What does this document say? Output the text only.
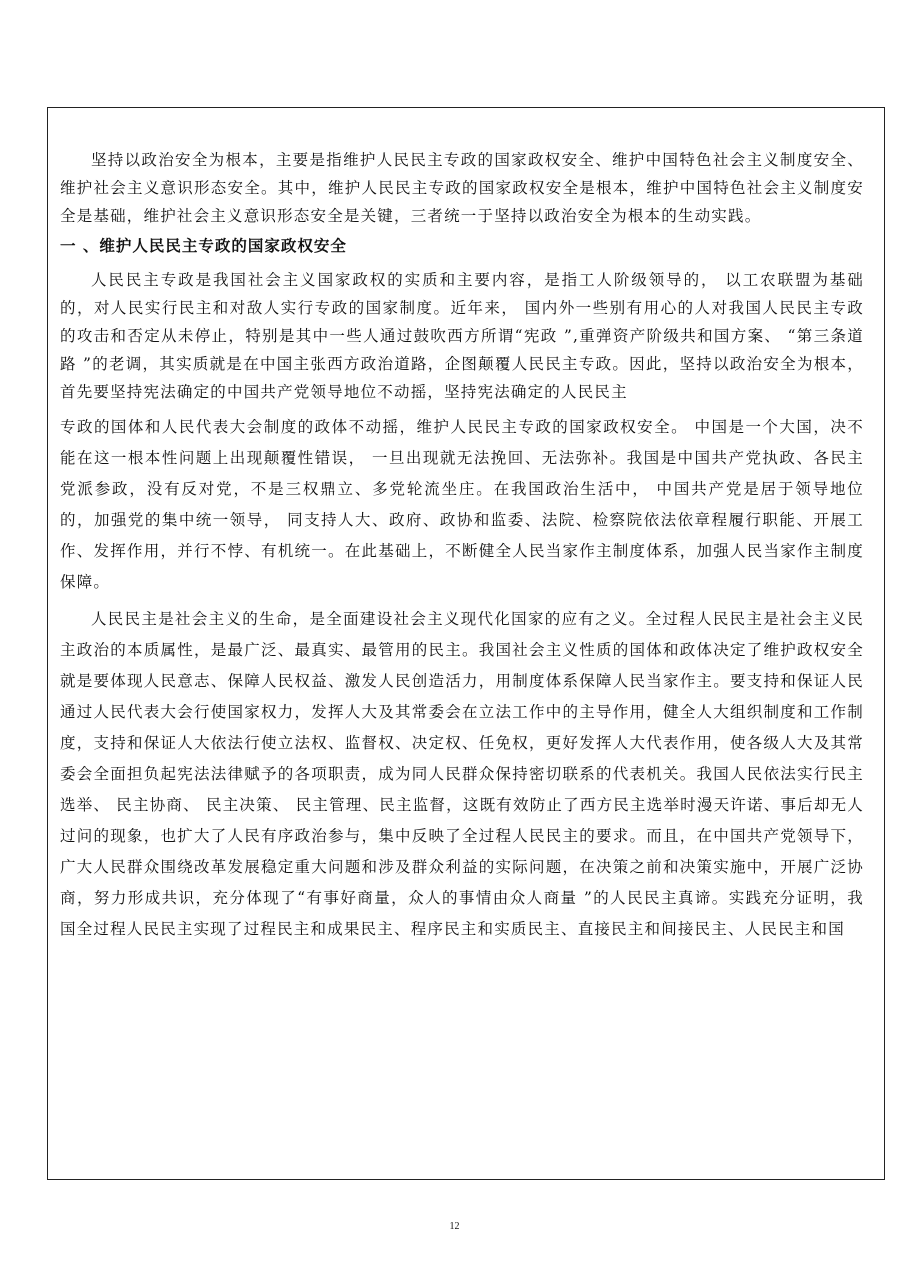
坚持以政治安全为根本，主要是指维护人民民主专政的国家政权安全、维护中国特色社会主义制度安全、维护社会主义意识形态安全。其中，维护人民民主专政的国家政权安全是根本，维护中国特色社会主义制度安全是基础，维护社会主义意识形态安全是关键，三者统一于坚持以政治安全为根本的生动实践。

一 、维护人民民主专政的国家政权安全

人民民主专政是我国社会主义国家政权的实质和主要内容，是指工人阶级领导的， 以工农联盟为基础的，对人民实行民主和对敌人实行专政的国家制度。近年来， 国内外一些别有用心的人对我国人民民主专政的攻击和否定从未停止，特别是其中一些人通过鼓吹西方所谓“宪政 ”,重弹资产阶级共和国方案、 “第三条道路 ”的老调，其实质就是在中国主张西方政治道路，企图颠覆人民民主专政。因此，坚持以政治安全为根本，首先要坚持宪法确定的中国共产党领导地位不动摇，坚持宪法确定的人民民主

专政的国体和人民代表大会制度的政体不动摇，维护人民民主专政的国家政权安全。 中国是一个大国，决不能在这一根本性问题上出现颠覆性错误， 一旦出现就无法挽回、无法弥补。我国是中国共产党执政、各民主党派参政，没有反对党，不是三权鼎立、多党轮流坐庄。在我国政治生活中， 中国共产党是居于领导地位的，加强党的集中统一领导， 同支持人大、政府、政协和监委、法院、检察院依法依章程履行职能、开展工作、发挥作用，并行不悖、有机统一。在此基础上，不断健全人民当家作主制度体系，加强人民当家作主制度保障。

人民民主是社会主义的生命，是全面建设社会主义现代化国家的应有之义。全过程人民民主是社会主义民主政治的本质属性，是最广泛、最真实、最管用的民主。我国社会主义性质的国体和政体决定了维护政权安全就是要体现人民意志、保障人民权益、激发人民创造活力，用制度体系保障人民当家作主。要支持和保证人民通过人民代表大会行使国家权力，发挥人大及其常委会在立法工作中的主导作用，健全人大组织制度和工作制度，支持和保证人大依法行使立法权、监督权、决定权、任免权，更好发挥人大代表作用，使各级人大及其常委会全面担负起宪法法律赋予的各项职责，成为同人民群众保持密切联系的代表机关。我国人民依法实行民主选举、 民主协商、 民主决策、 民主管理、民主监督，这既有效防止了西方民主选举时漫天许诺、事后却无人过问的现象，也扩大了人民有序政治参与，集中反映了全过程人民民主的要求。而且，在中国共产党领导下，广大人民群众围绕改革发展稳定重大问题和涉及群众利益的实际问题，在决策之前和决策实施中，开展广泛协商，努力形成共识，充分体现了“有事好商量，众人的事情由众人商量 ”的人民民主真谛。实践充分证明，我国全过程人民民主实现了过程民主和成果民主、程序民主和实质民主、直接民主和间接民主、人民民主和国

12
